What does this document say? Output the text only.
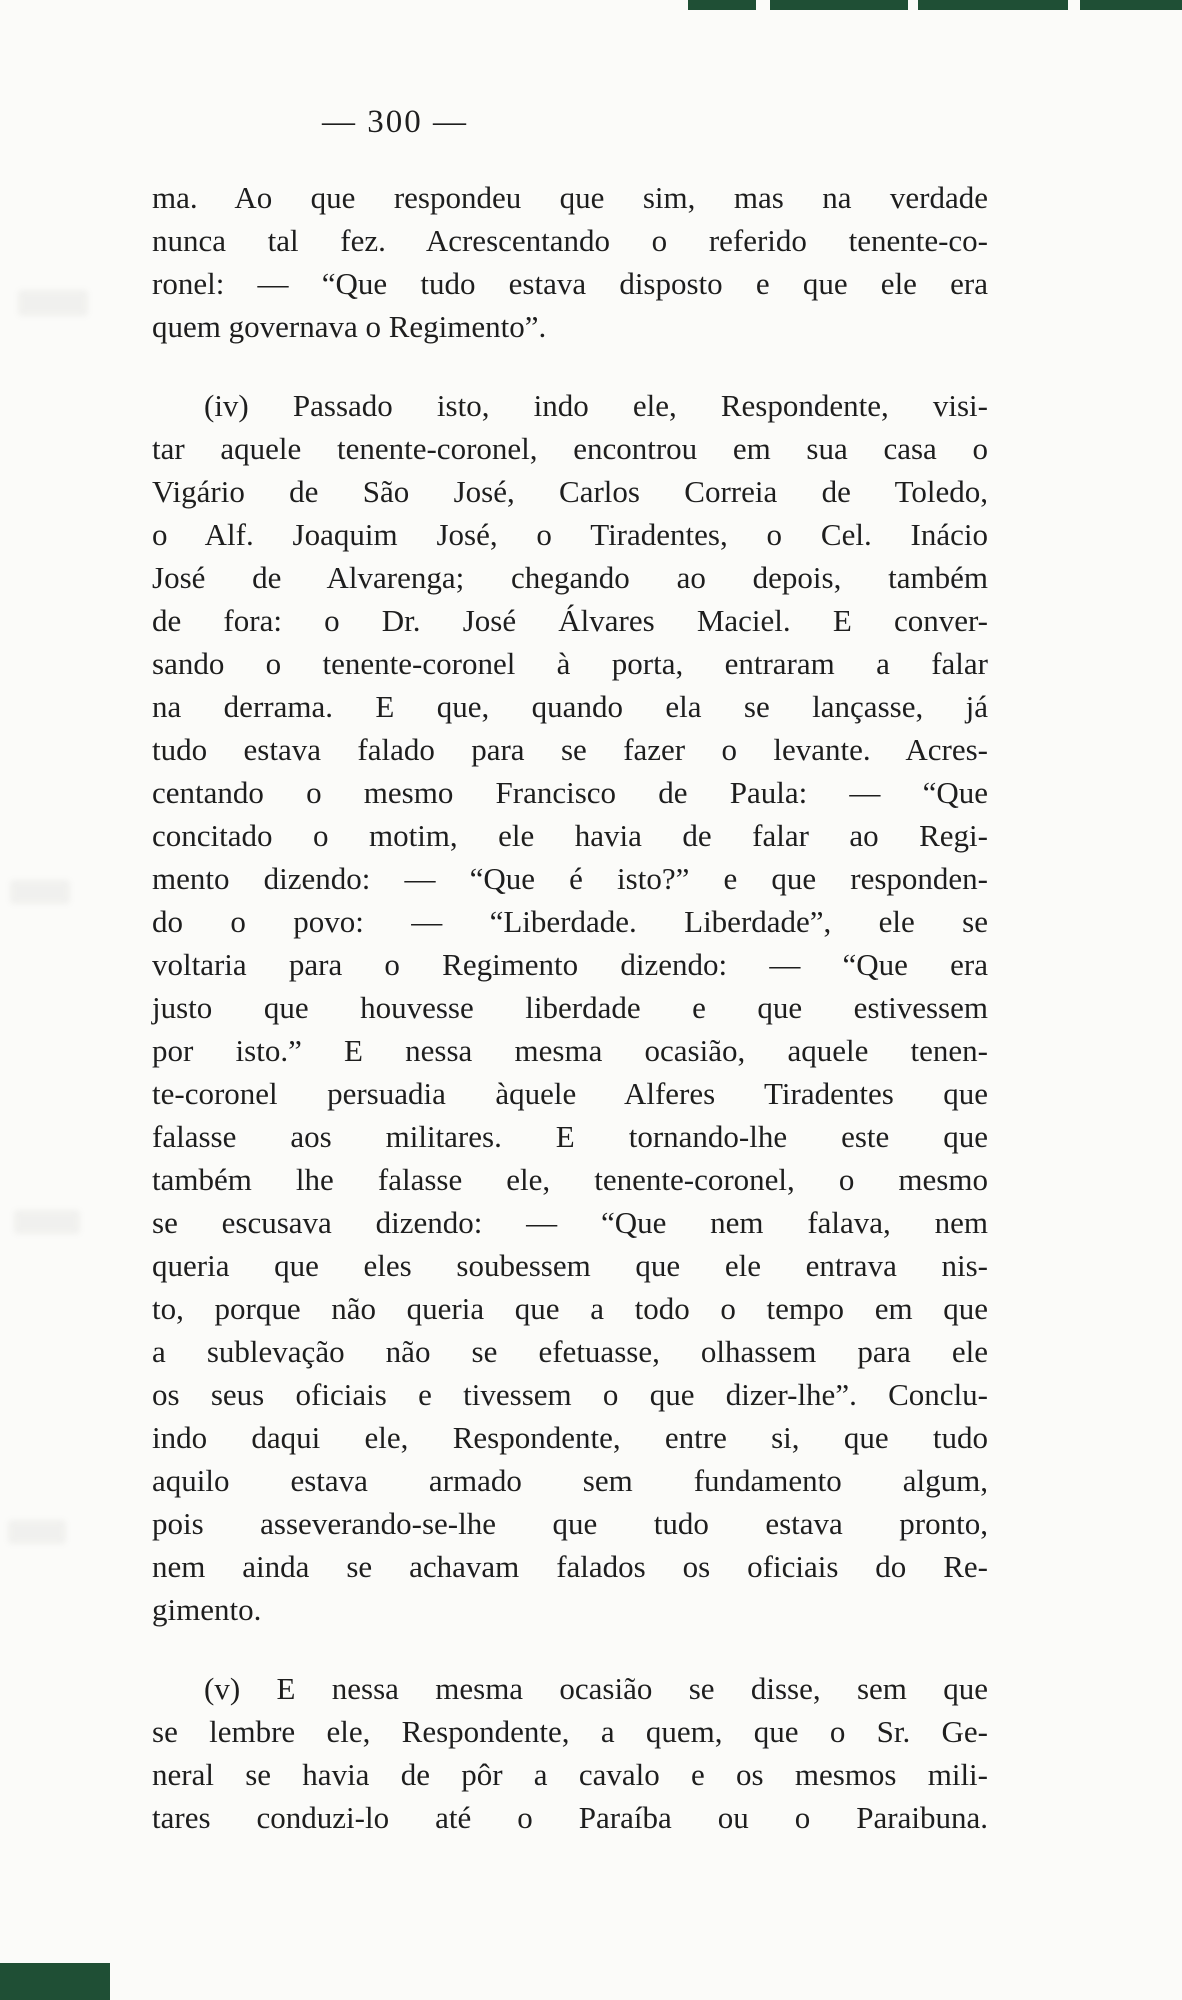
— 300 —
ma. Ao que respondeu que sim, mas na verdade
nunca tal fez. Acrescentando o referido tenente-co-
ronel: — “Que tudo estava disposto e que ele era
quem governava o Regimento”.
(iv) Passado isto, indo ele, Respondente, visi-
tar aquele tenente-coronel, encontrou em sua casa o
Vigário de São José, Carlos Correia de Toledo,
o Alf. Joaquim José, o Tiradentes, o Cel. Inácio
José de Alvarenga; chegando ao depois, também
de fora: o Dr. José Álvares Maciel. E conver-
sando o tenente-coronel à porta, entraram a falar
na derrama. E que, quando ela se lançasse, já
tudo estava falado para se fazer o levante. Acres-
centando o mesmo Francisco de Paula: — “Que
concitado o motim, ele havia de falar ao Regi-
mento dizendo: — “Que é isto?” e que responden-
do o povo: — “Liberdade. Liberdade”, ele se
voltaria para o Regimento dizendo: — “Que era
justo que houvesse liberdade e que estivessem
por isto.” E nessa mesma ocasião, aquele tenen-
te-coronel persuadia àquele Alferes Tiradentes que
falasse aos militares. E tornando-lhe este que
também lhe falasse ele, tenente-coronel, o mesmo
se escusava dizendo: — “Que nem falava, nem
queria que eles soubessem que ele entrava nis-
to, porque não queria que a todo o tempo em que
a sublevação não se efetuasse, olhassem para ele
os seus oficiais e tivessem o que dizer-lhe”. Conclu-
indo daqui ele, Respondente, entre si, que tudo
aquilo estava armado sem fundamento algum,
pois asseverando-se-lhe que tudo estava pronto,
nem ainda se achavam falados os oficiais do Re-
gimento.
(v) E nessa mesma ocasião se disse, sem que
se lembre ele, Respondente, a quem, que o Sr. Ge-
neral se havia de pôr a cavalo e os mesmos mili-
tares conduzi-lo até o Paraíba ou o Paraibuna.
